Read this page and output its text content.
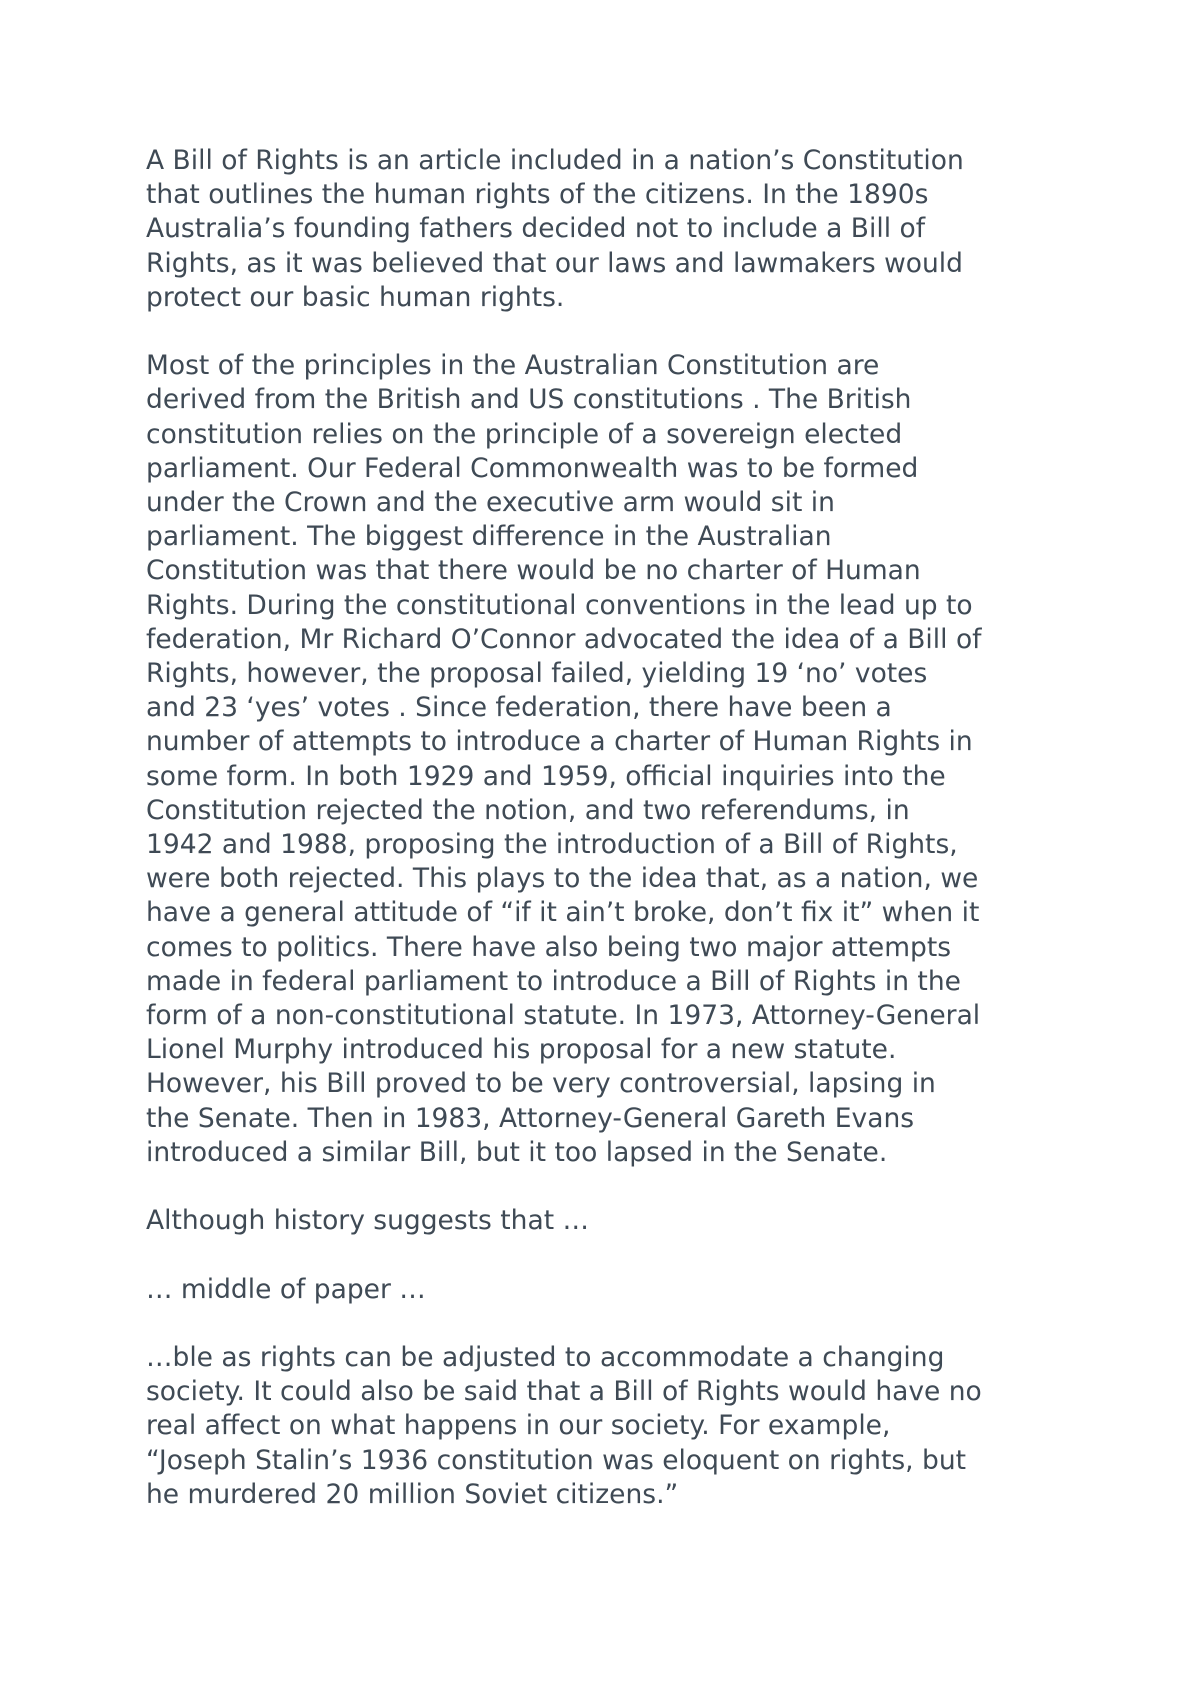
A Bill of Rights is an article included in a nation’s Constitution
that outlines the human rights of the citizens. In the 1890s
Australia’s founding fathers decided not to include a Bill of
Rights, as it was believed that our laws and lawmakers would
protect our basic human rights.

Most of the principles in the Australian Constitution are
derived from the British and US constitutions . The British
constitution relies on the principle of a sovereign elected
parliament. Our Federal Commonwealth was to be formed
under the Crown and the executive arm would sit in
parliament. The biggest difference in the Australian
Constitution was that there would be no charter of Human
Rights. During the constitutional conventions in the lead up to
federation, Mr Richard O’Connor advocated the idea of a Bill of
Rights, however, the proposal failed, yielding 19 ‘no’ votes
and 23 ‘yes’ votes . Since federation, there have been a
number of attempts to introduce a charter of Human Rights in
some form. In both 1929 and 1959, official inquiries into the
Constitution rejected the notion, and two referendums, in
1942 and 1988, proposing the introduction of a Bill of Rights,
were both rejected. This plays to the idea that, as a nation, we
have a general attitude of “if it ain’t broke, don’t fix it” when it
comes to politics. There have also being two major attempts
made in federal parliament to introduce a Bill of Rights in the
form of a non-constitutional statute. In 1973, Attorney-General
Lionel Murphy introduced his proposal for a new statute.
However, his Bill proved to be very controversial, lapsing in
the Senate. Then in 1983, Attorney-General Gareth Evans
introduced a similar Bill, but it too lapsed in the Senate.

Although history suggests that …

… middle of paper …

…ble as rights can be adjusted to accommodate a changing
society. It could also be said that a Bill of Rights would have no
real affect on what happens in our society. For example,
“Joseph Stalin’s 1936 constitution was eloquent on rights, but
he murdered 20 million Soviet citizens.”
